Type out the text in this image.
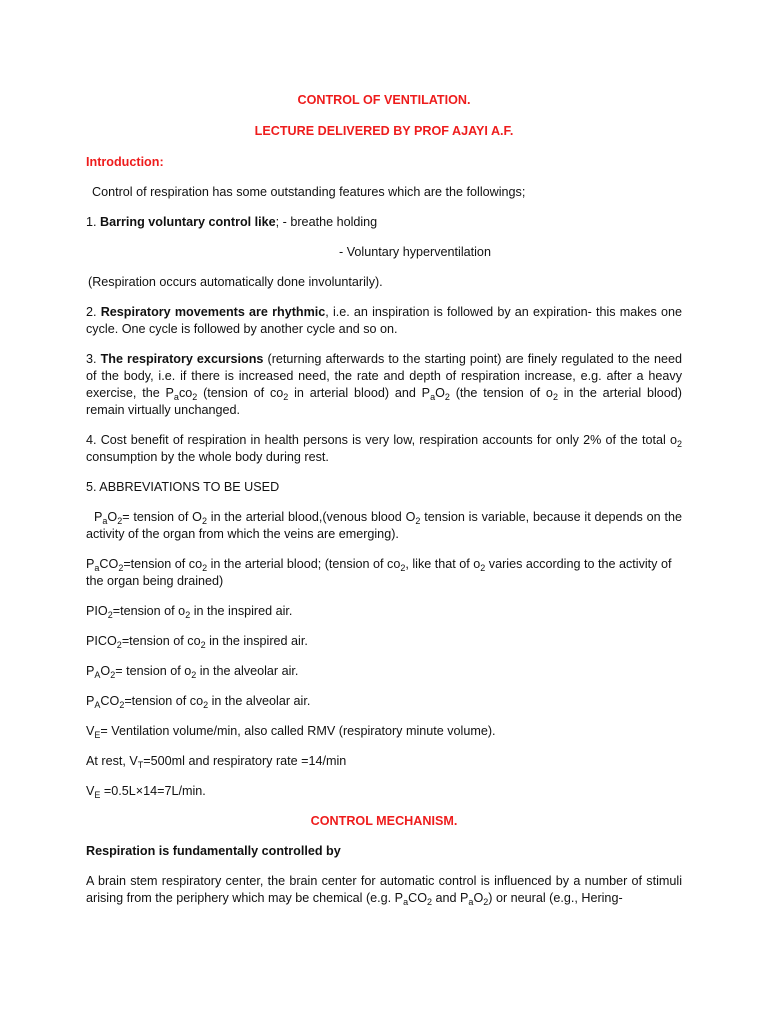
CONTROL OF VENTILATION.

LECTURE DELIVERED BY PROF AJAYI A.F.

Introduction:

Control of respiration has some outstanding features which are the followings;

1. Barring voluntary control like; - breathe holding

- Voluntary hyperventilation

(Respiration occurs automatically done involuntarily).

2. Respiratory movements are rhythmic, i.e. an inspiration is followed by an expiration- this makes one cycle. One cycle is followed by another cycle and so on.

3. The respiratory excursions (returning afterwards to the starting point) are finely regulated to the need of the body, i.e. if there is increased need, the rate and depth of respiration increase, e.g. after a heavy exercise, the $P_aco_2$ (tension of $co_2$ in arterial blood) and $P_aO_2$ (the tension of $o_2$ in the arterial blood) remain virtually unchanged.

4. Cost benefit of respiration in health persons is very low, respiration accounts for only 2% of the total $o_2$ consumption by the whole body during rest.

5. ABBREVIATIONS TO BE USED

$P_aO_2=$ tension of $O_2$ in the arterial blood,(venous blood $O_2$ tension is variable, because it depends on the activity of the organ from which the veins are emerging).

$P_aCO_2=tension$ of $co_2$ in the arterial blood; (tension of $co_2$, like that of $o_2$ varies according to the activity of the organ being drained)

$PIO_2=tension$ of $o_2$ in the inspired air.

$PICO_2=tension$ of $co_2$ in the inspired air.

$P_AO_2=$ tension of $o_2$ in the alveolar air.

$P_ACO_2=tension$ of $co_2$ in the alveolar air.

$V_E=$ Ventilation volume/min, also called RMV (respiratory minute volume).

At rest, $V_T=500ml$ and respiratory rate =14/min

$V_E =0.5L\times 14=7L/\min$.

CONTROL MECHANISM.

Respiration is fundamentally controlled by

A brain stem respiratory center, the brain center for automatic control is influenced by a number of stimuli arising from the periphery which may be chemical (e.g. $P_aCO_2$ and $P_aO_2$) or neural (e.g., Hering-
